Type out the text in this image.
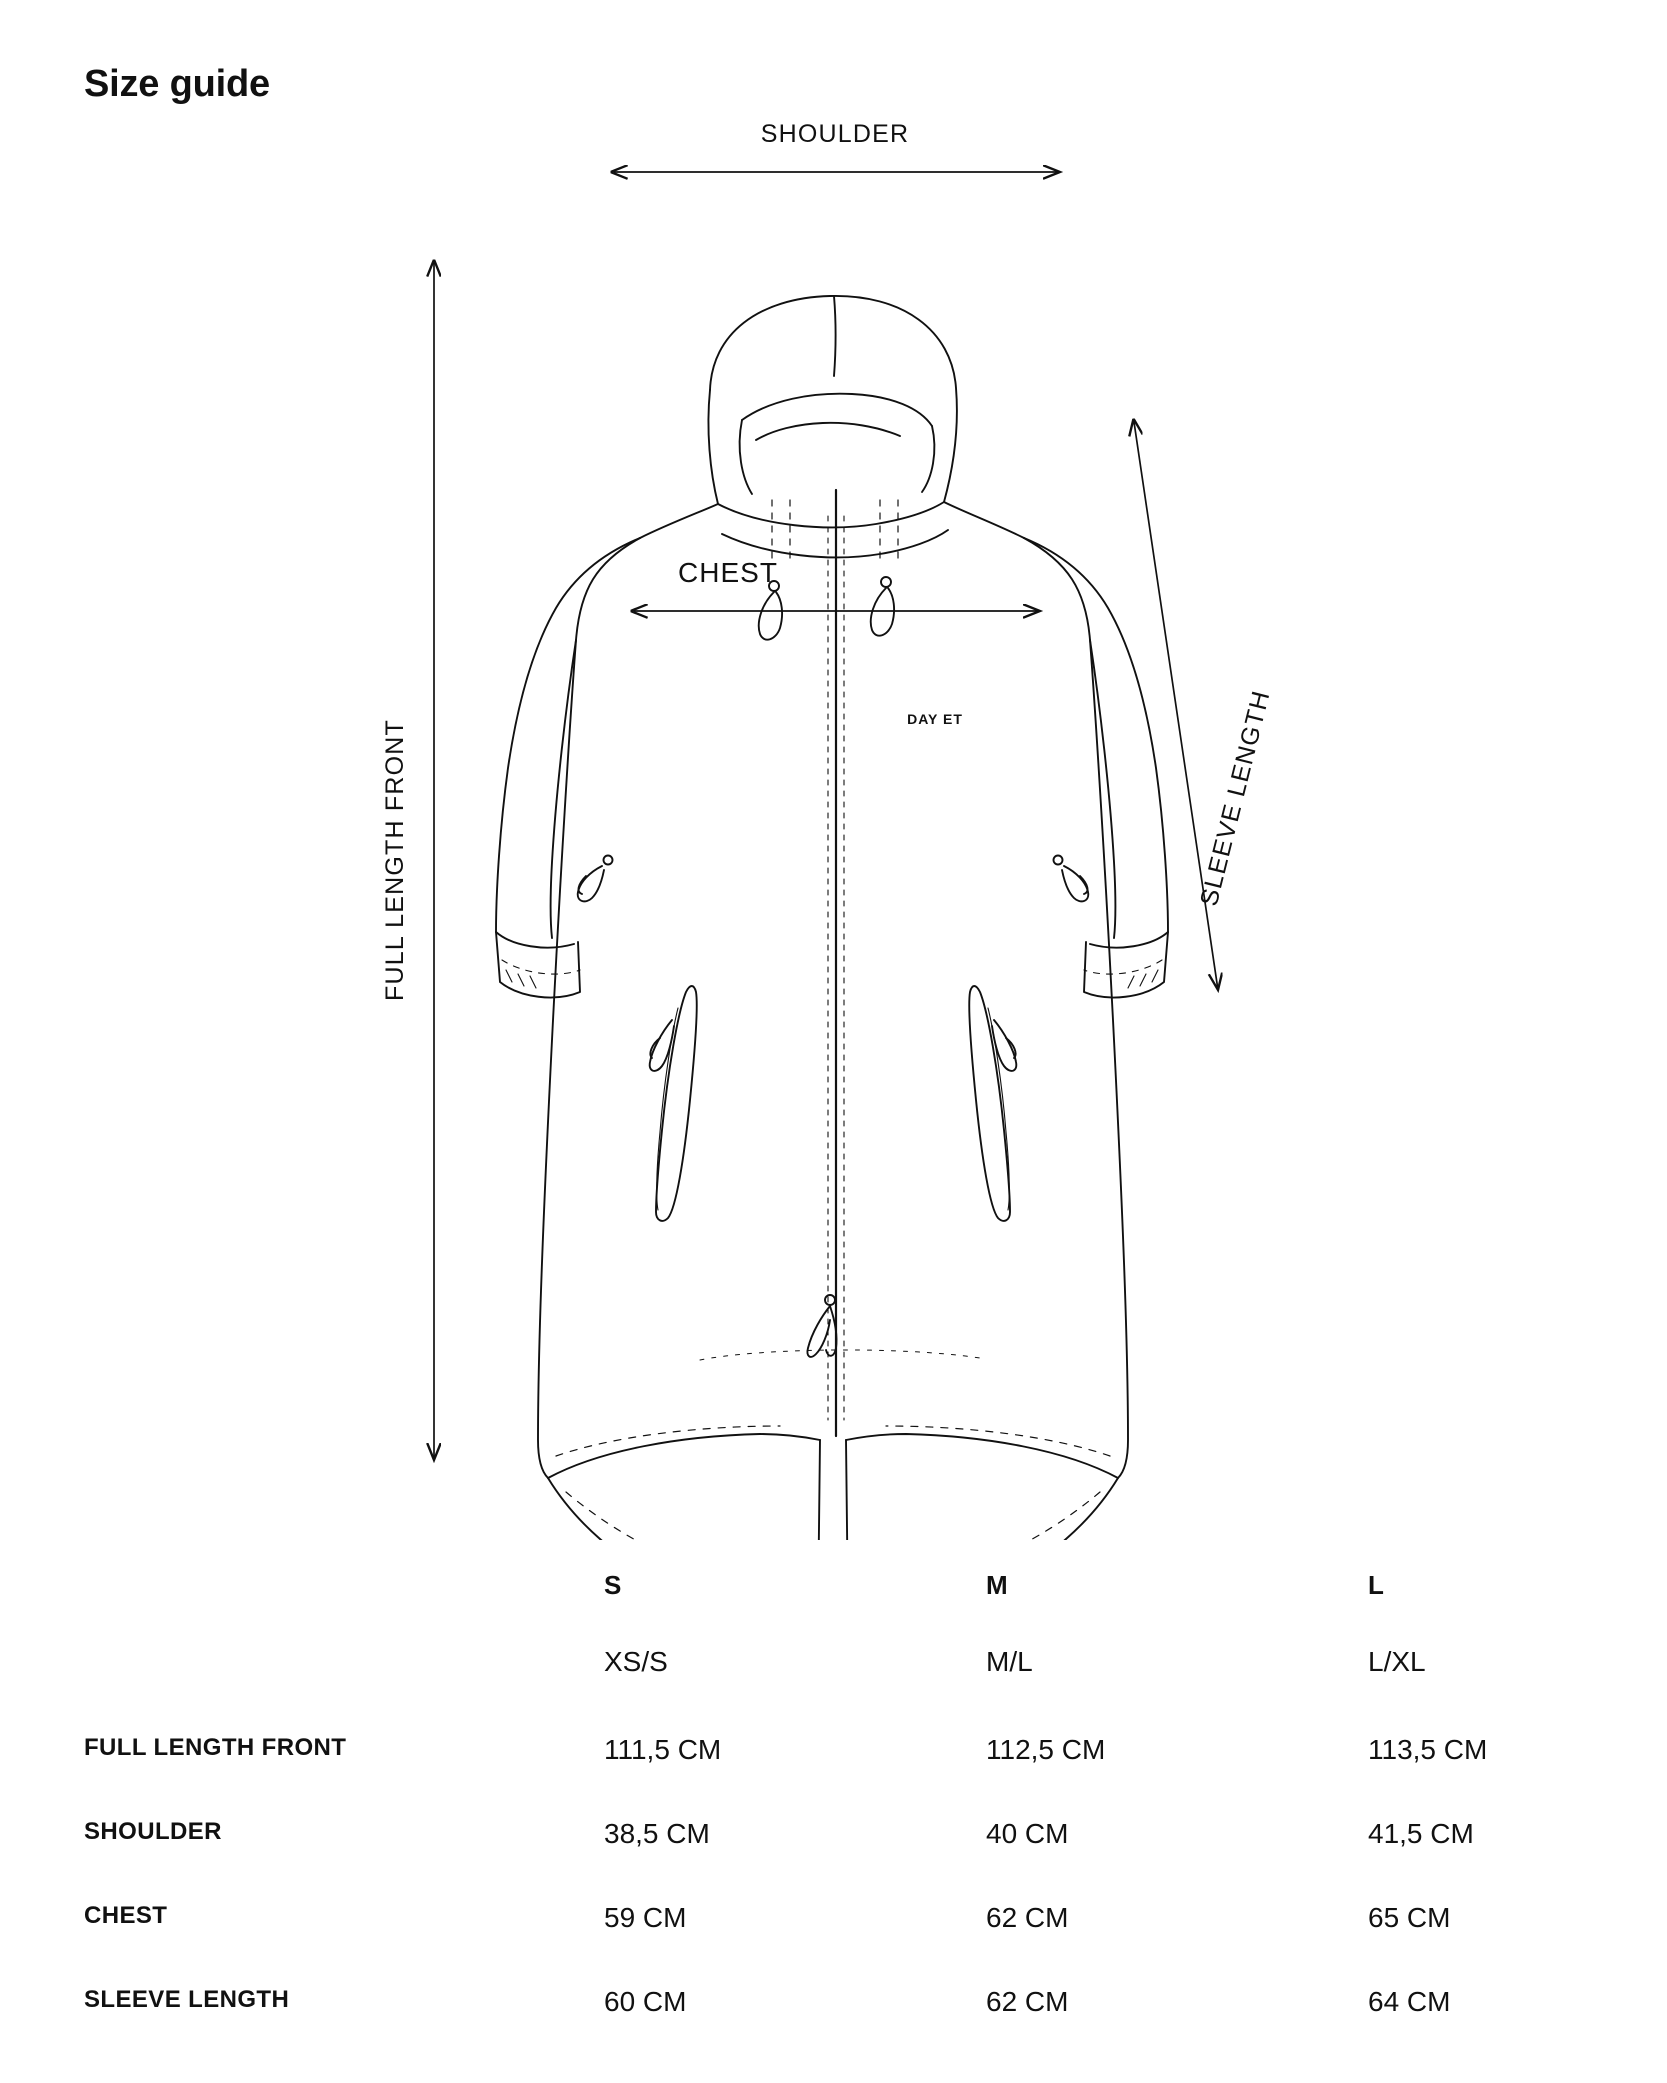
Size guide
DAY ET
SHOULDER
CHEST
FULL LENGTH FRONT	SLEEVE LENGTH
S	M	L
XS/S	M/L	L/XL
FULL LENGTH FRONT	111,5 CM	112,5 CM	113,5 CM
SHOULDER	38,5 CM	40 CM	41,5 CM
CHEST	59 CM	62 CM	65 CM
SLEEVE LENGTH	60 CM	62 CM	64 CM
